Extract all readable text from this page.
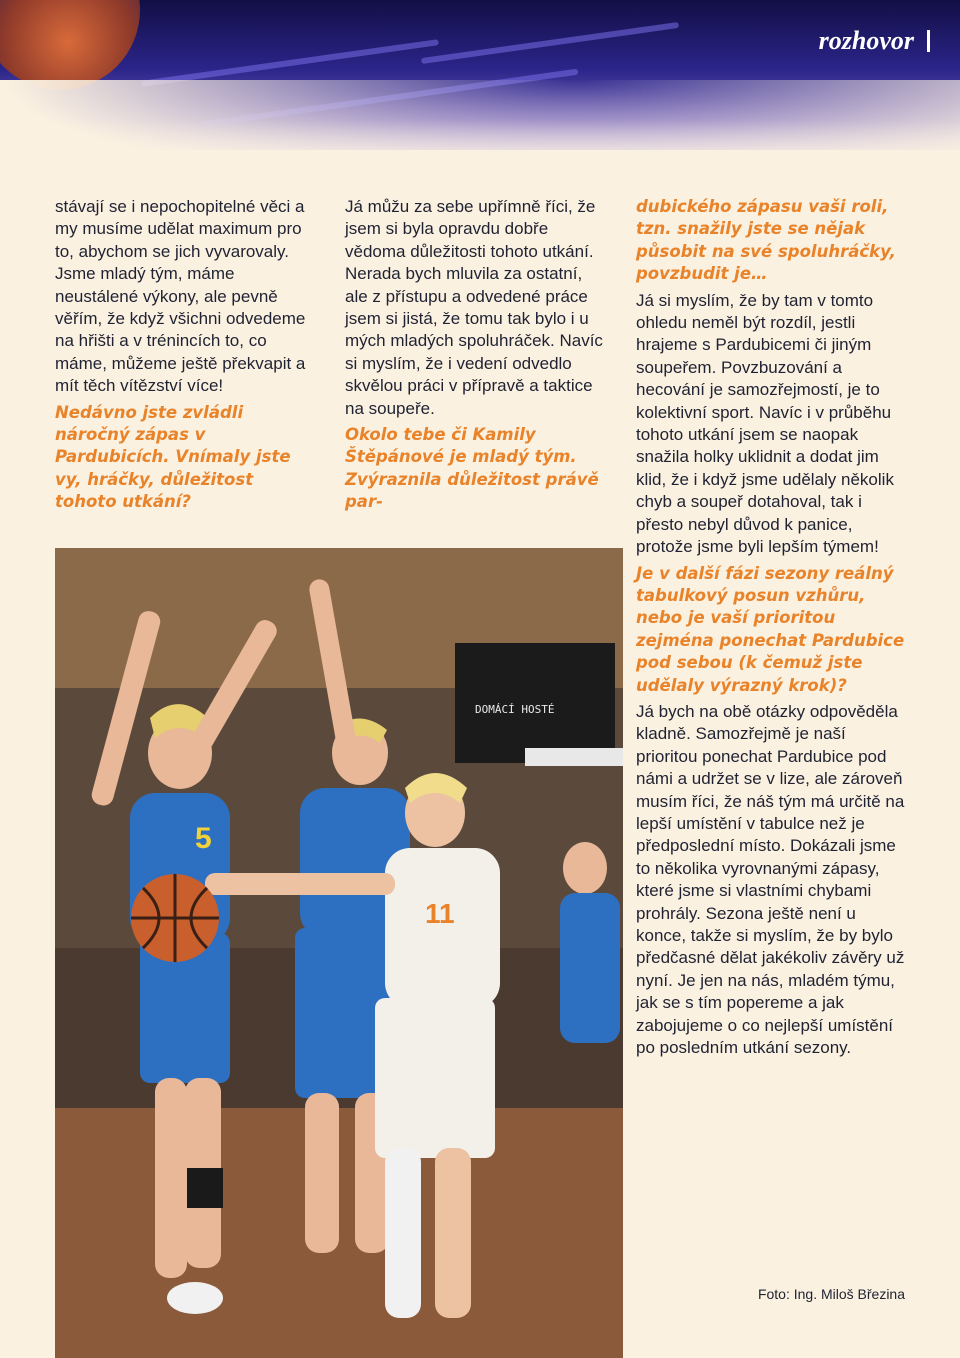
rozhovor

stávají se i nepochopitelné věci a my musíme udělat maximum pro to, abychom se jich vyvarovaly. Jsme mladý tým, máme neustálené výkony, ale pevně věřím, že když všichni odvedeme na hřišti a v trénincích to, co máme, můžeme ještě překvapit a mít těch vítězství více!

Nedávno jste zvládli náročný zápas v Pardubicích. Vnímaly jste vy, hráčky, důležitost tohoto utkání?

Já můžu za sebe upřímně říci, že jsem si byla opravdu dobře vědoma důležitosti tohoto utkání. Nerada bych mluvila za ostatní, ale z přístupu a odvedené práce jsem si jistá, že tomu tak bylo i u mých mladých spoluhráček. Navíc si myslím, že i vedení odvedlo skvělou práci v přípravě a taktice na soupeře.

Okolo tebe či Kamily Štěpánové je mladý tým. Zvýraznila důležitost právě par-

dubického zápasu vaši roli, tzn. snažily jste se nějak působit na své spoluhráčky, povzbudit je…

Já si myslím, že by tam v tomto ohledu neměl být rozdíl, jestli hrajeme s Pardubicemi či jiným soupeřem. Povzbuzování a hecování je samozřejmostí, je to kolektivní sport. Navíc i v průběhu tohoto utkání jsem se naopak snažila holky uklidnit a dodat jim klid, že i když jsme udělaly několik chyb a soupeř dotahoval, tak i přesto nebyl důvod k panice, protože jsme byli lepším týmem!

Je v další fázi sezony reálný tabulkový posun vzhůru, nebo je vaší prioritou zejména ponechat Pardubice pod sebou (k čemuž jste udělaly výrazný krok)?

Já bych na obě otázky odpověděla kladně. Samozřejmě je naší prioritou ponechat Pardubice pod námi a udržet se v lize, ale zároveň musím říci, že náš tým má určitě na lepší umístění v tabulce než je předposlední místo. Dokázali jsme to několika vyrovnanými zápasy, které jsme si vlastními chybami prohrály. Sezona ještě není u konce, takže si myslím, že by bylo předčasné dělat jakékoliv závěry už nyní. Je jen na nás, mladém týmu, jak se s tím popereme a jak zabojujeme o co nejlepší umístění po posledním utkání sezony.

DOMÁCÍ HOSTÉ
5
11
Foto: Ing. Miloš Březina
